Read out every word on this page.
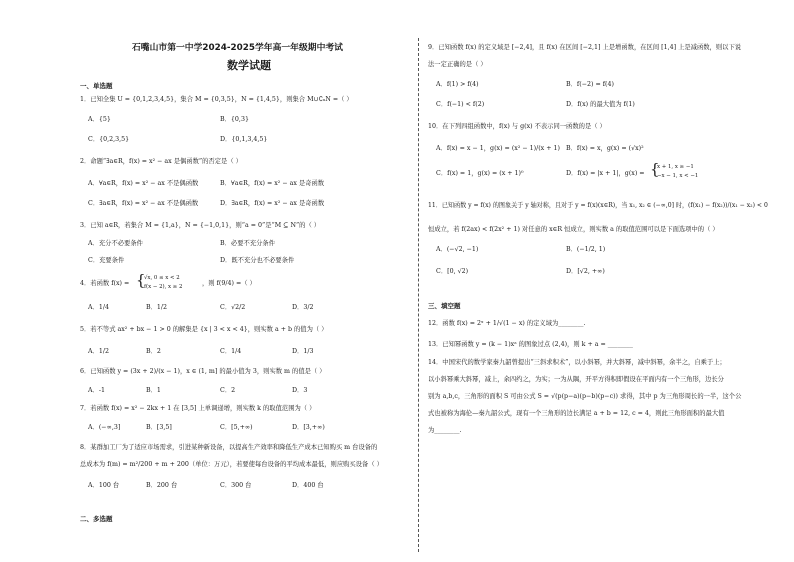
石嘴山市第一中学2024-2025学年高一年级期中考试
数学试题
一、单选题
1．已知全集 U = {0,1,2,3,4,5}，集合 M = {0,3,5}，N = {1,4,5}，则集合 M∪∁ᵤN =（ ）
A．{5}	B．{0,3}
C．{0,2,3,5}	D．{0,1,3,4,5}
2．命题“∃a∈R，f(x) = x² − ax 是偶函数”的否定是（ ）
A．∀a∈R，f(x) = x² − ax 不是偶函数	B．∀a∈R，f(x) = x² − ax 是奇函数
C．∃a∈R，f(x) = x² − ax 不是偶函数	D．∃a∈R，f(x) = x² − ax 是奇函数
3．已知 a∈R，若集合 M = {1,a}，N = {−1,0,1}，则“a = 0”是“M ⊆ N”的（ ）
A．充分不必要条件	B．必要不充分条件
C．充要条件	D．既不充分也不必要条件
4．若函数 f(x) = {
√x, 0 ≤ x < 2
f(x − 2), x ≥ 2	，则 f(9/4) =（ ）
A．1/4	B．1/2	C．√2/2	D．3/2
5．若不等式 ax² + bx − 1 > 0 的解集是 {x | 3 < x < 4}，则实数 a + b 的值为（ ）
A．1/2	B．2	C．1/4	D．1/3
6．已知函数 y = (3x + 2)/(x − 1)，x ∈ (1, m] 的最小值为 3，则实数 m 的值是（ ）
A．-1	B．1	C．2	D．3
7．若函数 f(x) = x² − 2kx + 1 在 [3,5] 上单调递增，则实数 k 的取值范围为（ ）
A．(−∞,3]	B．[3,5]	C．[5,+∞)	D．[3,+∞)
8．某群加工厂为了适应市场需求，引进某种新设备，以提高生产效率和降低生产成本已知购买 m 台设备的
总成本为 f(m) = m²/200 + m + 200（单位：万元），若要使每台设备的平均成本最低，则应购买设备（ ）
A．100 台	B．200 台	C．300 台	D．400 台
二、多选题
9．已知函数 f(x) 的定义域是 [−2,4]，且 f(x) 在区间 [−2,1] 上是增函数，在区间 [1,4] 上是减函数，则以下说
法一定正确的是（ ）
A．f(1) > f(4)	B．f(−2) = f(4)
C．f(−1) < f(2)	D．f(x) 的最大值为 f(1)
10．在下列四组函数中，f(x) 与 g(x) 不表示同一函数的是（ ）
A．f(x) = x − 1，g(x) = (x² − 1)/(x + 1) B．f(x) = x，g(x) = (√x)²
C．f(x) = 1，g(x) = (x + 1)⁰	D．f(x) = |x + 1|，g(x) = {
x + 1, x ≥ −1
−x − 1, x < −1
11．已知函数 y = f(x) 的图象关于 y 轴对称，且对于 y = f(x)(x∈R)，当 x₁, x₂ ∈ (−∞,0] 时，(f(x₁) − f(x₂))/(x₁ − x₂) < 0
恒成立，若 f(2ax) < f(2x² + 1) 对任意的 x∈R 恒成立，则实数 a 的取值范围可以是下面选项中的（ ）
A．(−√2, −1)	B．(−1/2, 1)
C．[0, √2)	D．[√2, +∞)
三、填空题
12．函数 f(x) = 2ˣ + 1/√(1 − x) 的定义域为________.
13．已知幂函数 y = (k − 1)xᵃ 的图象过点 (2,4)，则 k + a = ________
14．中国宋代的数学家秦九韶曾提出“三斜求积术”，以小斜幂，并大斜幂，减中斜幂，余半之，自乘于上；
以小斜幂乘大斜幂，减上，余四约之，为实；一为从隅，开平方得积即假设在平面内有一个三角形，边长分
别为 a,b,c，三角形的面积 S 可由公式 S = √(p(p−a)(p−b)(p−c)) 求得，其中 p 为三角形周长的一半，这个公
式也被称为海伦—秦九韶公式，现有一个三角形的边长满足 a + b = 12, c = 4，则此三角形面积的最大值
为________.
